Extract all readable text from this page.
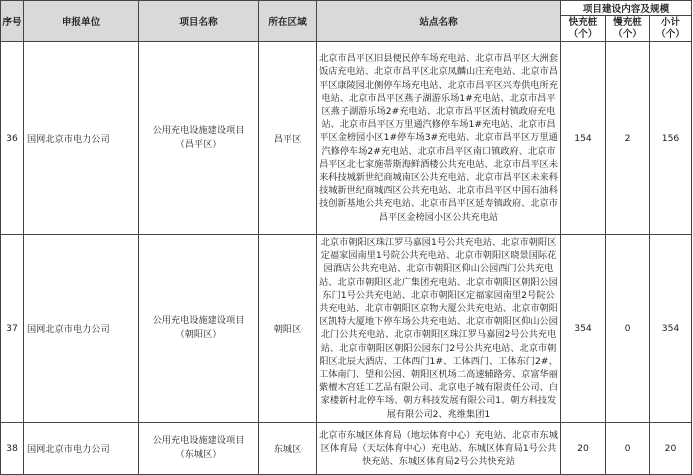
序号	申报单位	项目名称	所在区域	站点名称	项目建设内容及规模		
					快充桩（个）	慢充桩（个）	小计（个）
36	国网北京市电力公司	公用充电设施建设项目（昌平区）	昌平区	北京市昌平区旧县便民停车场充电站、北京市昌平区大洲套饭店充电站、北京市昌平区北京凤麟山庄充电站、北京市昌平区康陵园北侧停车场充电站、北京市昌平区兴寿供电所充电站、北京市昌平区燕子湖游乐场1#充电站、北京市昌平区燕子湖游乐场2#充电站、北京市昌平区流村镇政府充电站、北京市昌平区万里通汽修停车场1#充电站、北京市昌平区金榜园小区1#停车场3#充电站、北京市昌平区万里通汽修停车场2#充电站、北京市昌平区南口镇政府、北京市昌平区北七家施蒂斯海鲜酒楼公共充电站、北京市昌平区未来科技城新世纪商城南区公共充电站、北京市昌平区未来科技城新世纪商城西区公共充电站、北京市昌平区中国石油科技创新基地公共充电站、北京市昌平区延寿镇政府、北京市昌平区金榜园小区公共充电站	154	2	156
37	国网北京市电力公司	公用充电设施建设项目（朝阳区）	朝阳区	北京市朝阳区珠江罗马嘉园1号公共充电站、北京市朝阳区定福家园南里1号院公共充电站、北京市朝阳区晓景国际花园酒店公共充电站、北京市朝阳区仰山公园西门公共充电站、北京市朝阳区北广集团充电站、北京市朝阳区朝阳公园东门1号公共充电站、北京市朝阳区定福家园南里2号院公共充电站、北京市朝阳区京物大厦公共充电站、北京市朝阳区凯特大厦地下停车场公共充电站、北京市朝阳区仰山公园北门公共充电站、北京市朝阳区珠江罗马嘉园2号公共充电站、北京市朝阳区朝阳公园东门2号公共充电站、北京市朝阳区北辰大酒店、工体西门1#、工体西门、工体东门2#、工体南门、望和公园、朝阳区机场二高速辅路旁、京富华丽紫檀木宫廷工艺品有限公司、北京电子城有限责任公司、白家楼新村北停车场、朝方科技发展有限公司1、朝方科技发展有限公司2、兆维集团1	354	0	354
38	国网北京市电力公司	公用充电设施建设项目（东城区）	东城区	北京市东城区体育局（地坛体育中心）充电站、北京市东城区体育局（天坛体育中心）充电站、东城区体育局1号公共快充站、东城区体育局2号公共快充站	20	0	20
